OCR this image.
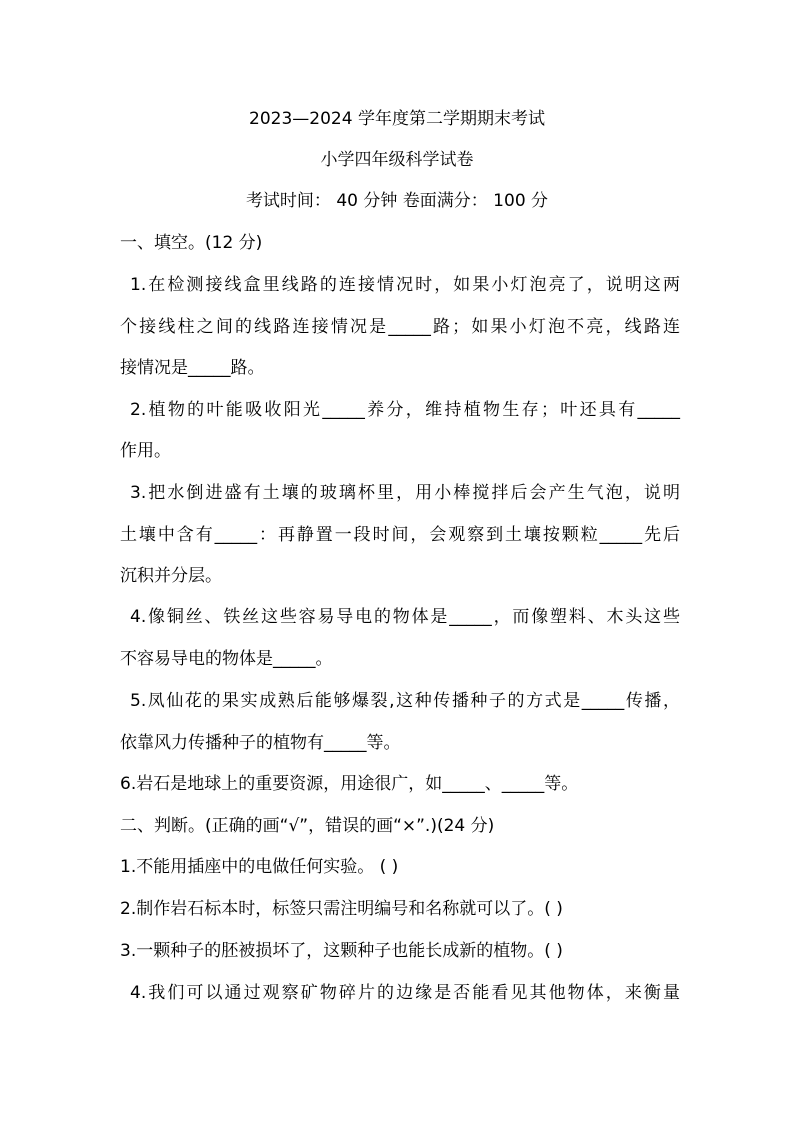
2023—2024 学年度第二学期期末考试
小学四年级科学试卷
考试时间： 40 分钟 卷面满分： 100 分
一、填空。(12 分)
1.在检测接线盒里线路的连接情况时，如果小灯泡亮了，说明这两
个接线柱之间的线路连接情况是_____路；如果小灯泡不亮，线路连
接情况是_____路。
2.植物的叶能吸收阳光_____养分，维持植物生存；叶还具有_____
作用。
3.把水倒进盛有土壤的玻璃杯里，用小棒搅拌后会产生气泡，说明
土壤中含有_____：再静置一段时间，会观察到土壤按颗粒_____先后
沉积并分层。
4.像铜丝、铁丝这些容易导电的物体是_____，而像塑料、木头这些
不容易导电的物体是_____。
5.凤仙花的果实成熟后能够爆裂,这种传播种子的方式是_____传播，
依靠风力传播种子的植物有_____等。
6.岩石是地球上的重要资源，用途很广，如_____、_____等。
二、判断。(正确的画“√”，错误的画“×”.)(24 分)
1.不能用插座中的电做任何实验。 ( )
2.制作岩石标本时，标签只需注明编号和名称就可以了。( )
3.一颗种子的胚被损坏了，这颗种子也能长成新的植物。( )
4.我们可以通过观察矿物碎片的边缘是否能看见其他物体，来衡量
